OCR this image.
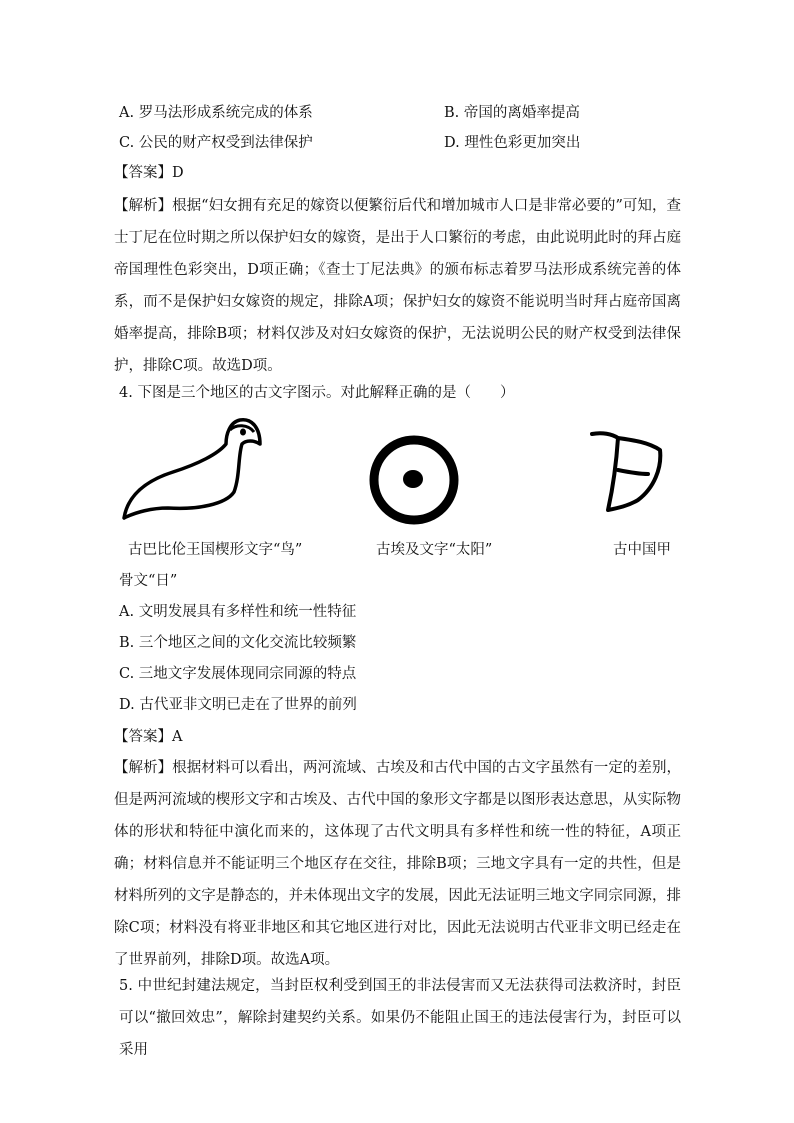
A. 罗马法形成系统完成的体系	B. 帝国的离婚率提高
C. 公民的财产权受到法律保护	D. 理性色彩更加突出
【答案】D
【解析】根据“妇女拥有充足的嫁资以便繁衍后代和增加城市人口是非常必要的”可知，查士丁尼在位时期之所以保护妇女的嫁资，是出于人口繁衍的考虑，由此说明此时的拜占庭帝国理性色彩突出，D项正确；《查士丁尼法典》的颁布标志着罗马法形成系统完善的体系，而不是保护妇女嫁资的规定，排除A项；保护妇女的嫁资不能说明当时拜占庭帝国离婚率提高，排除B项；材料仅涉及对妇女嫁资的保护，无法说明公民的财产权受到法律保护，排除C项。故选D项。
4. 下图是三个地区的古文字图示。对此解释正确的是（　　）
古巴比伦王国楔形文字“鸟”	古埃及文字“太阳”	古中国甲
骨文“日”
A. 文明发展具有多样性和统一性特征
B. 三个地区之间的文化交流比较频繁
C. 三地文字发展体现同宗同源的特点
D. 古代亚非文明已走在了世界的前列
【答案】A
【解析】根据材料可以看出，两河流域、古埃及和古代中国的古文字虽然有一定的差别，但是两河流域的楔形文字和古埃及、古代中国的象形文字都是以图形表达意思，从实际物体的形状和特征中演化而来的，这体现了古代文明具有多样性和统一性的特征，A项正确；材料信息并不能证明三个地区存在交往，排除B项；三地文字具有一定的共性，但是材料所列的文字是静态的，并未体现出文字的发展，因此无法证明三地文字同宗同源，排除C项；材料没有将亚非地区和其它地区进行对比，因此无法说明古代亚非文明已经走在了世界前列，排除D项。故选A项。
5. 中世纪封建法规定，当封臣权利受到国王的非法侵害而又无法获得司法救济时，封臣可以“撤回效忠”，解除封建契约关系。如果仍不能阻止国王的违法侵害行为，封臣可以采用
